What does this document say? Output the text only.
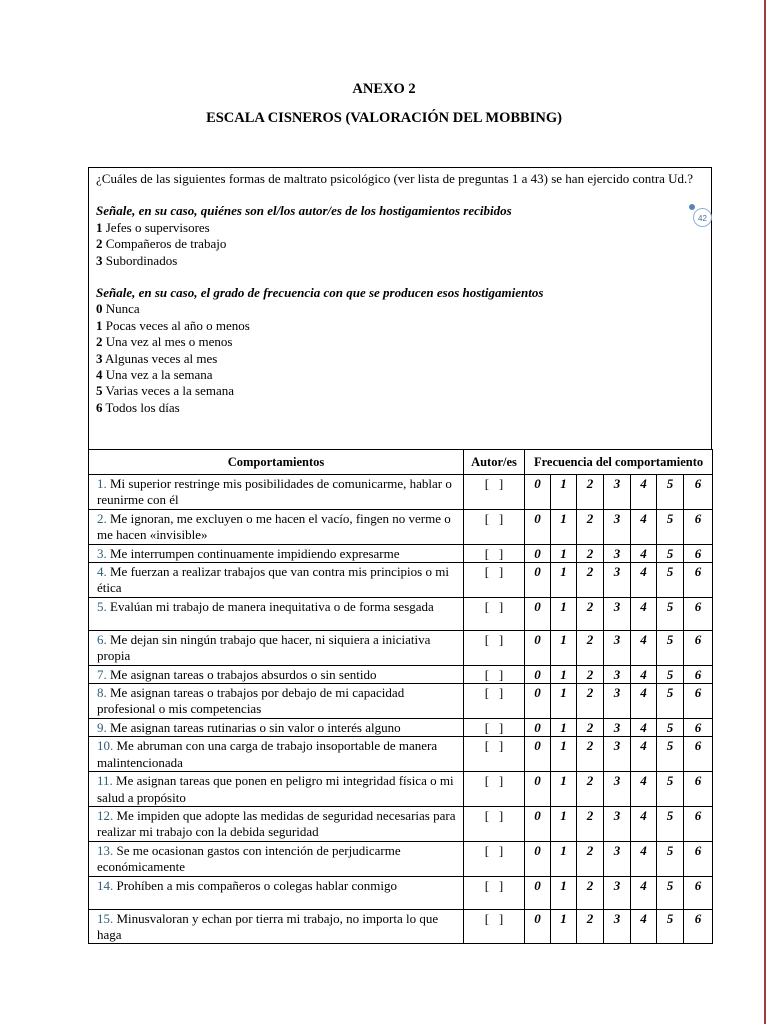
ANEXO 2
ESCALA CISNEROS (VALORACIÓN DEL MOBBING)

¿Cuáles de las siguientes formas de maltrato psicológico (ver lista de preguntas 1 a 43) se han ejercido contra Ud.?

Señale, en su caso, quiénes son el/los autor/es de los hostigamientos recibidos

1 Jefes o supervisores
2 Compañeros de trabajo
3 Subordinados

Señale, en su caso, el grado de frecuencia con que se producen esos hostigamientos

0 Nunca
1 Pocas veces al año o menos
2 Una vez al mes o menos
3 Algunas veces al mes
4 Una vez a la semana
5 Varias veces a la semana
6 Todos los días
42
Comportamientos	Autor/es	Frecuencia del comportamiento						
1. Mi superior restringe mis posibilidades de comunicarme, hablar o reunirme con él	[   ]	0	1	2	3	4	5	6
2. Me ignoran, me excluyen o me hacen el vacío, fingen no verme o me hacen «invisible»	[   ]	0	1	2	3	4	5	6
3. Me interrumpen continuamente impidiendo expresarme	[   ]	0	1	2	3	4	5	6
4. Me fuerzan a realizar trabajos que van contra mis principios o mi ética	[   ]	0	1	2	3	4	5	6
5. Evalúan mi trabajo de manera inequitativa o de forma sesgada	[   ]	0	1	2	3	4	5	6
6. Me dejan sin ningún trabajo que hacer, ni siquiera a iniciativa propia	[   ]	0	1	2	3	4	5	6
7. Me asignan tareas o trabajos absurdos o sin sentido	[   ]	0	1	2	3	4	5	6
8. Me asignan tareas o trabajos por debajo de mi capacidad profesional o mis competencias	[   ]	0	1	2	3	4	5	6
9. Me asignan tareas rutinarias o sin valor o interés alguno	[   ]	0	1	2	3	4	5	6
10. Me abruman con una carga de trabajo insoportable de manera malintencionada	[   ]	0	1	2	3	4	5	6
11. Me asignan tareas que ponen en peligro mi integridad física o mi salud a propósito	[   ]	0	1	2	3	4	5	6
12. Me impiden que adopte las medidas de seguridad necesarias para realizar mi trabajo con la debida seguridad	[   ]	0	1	2	3	4	5	6
13. Se me ocasionan gastos con intención de perjudicarme económicamente	[   ]	0	1	2	3	4	5	6
14. Prohíben a mis compañeros o colegas hablar conmigo	[   ]	0	1	2	3	4	5	6
15. Minusvaloran y echan por tierra mi trabajo, no importa lo que haga	[   ]	0	1	2	3	4	5	6
